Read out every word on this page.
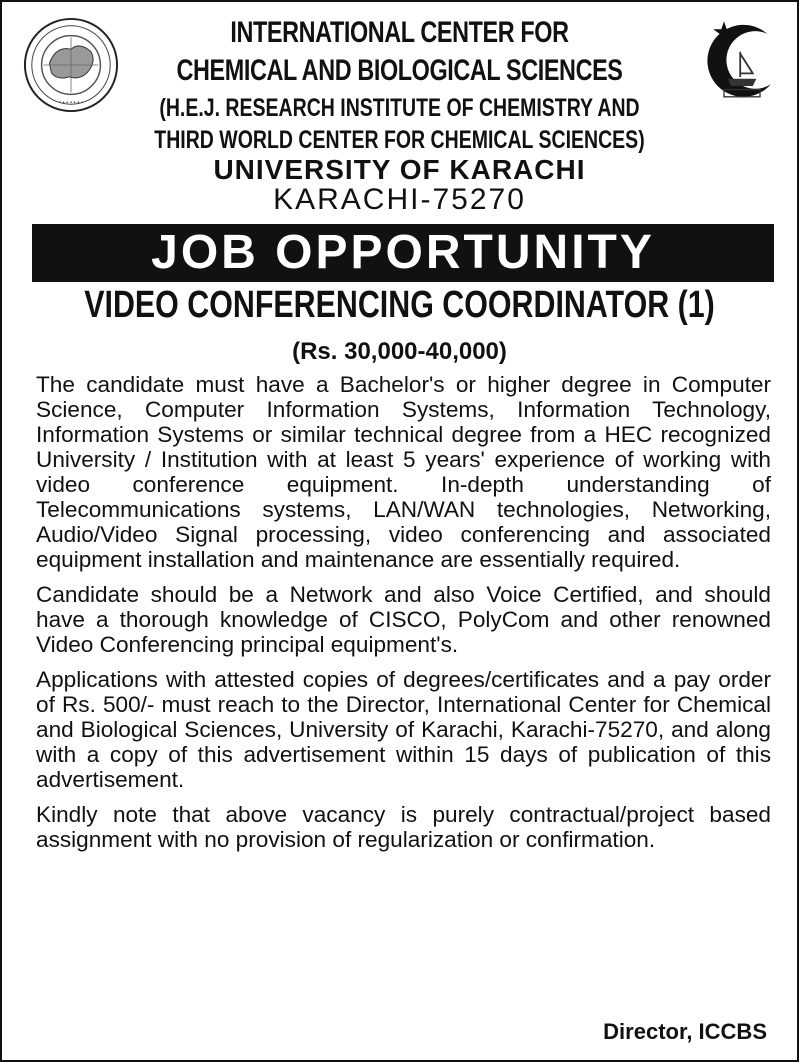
• • • • • • •
INTERNATIONAL CENTER FOR
CHEMICAL AND BIOLOGICAL SCIENCES
(H.E.J. RESEARCH INSTITUTE OF CHEMISTRY AND
THIRD WORLD CENTER FOR CHEMICAL SCIENCES)
UNIVERSITY OF KARACHI
KARACHI-75270
JOB OPPORTUNITY
VIDEO CONFERENCING COORDINATOR (1)
(Rs. 30,000-40,000)

The candidate must have a Bachelor's or higher degree in Computer Science, Computer Information Systems, Information Technology, Information Systems or similar technical degree from a HEC recognized University / Institution with at least 5 years' experience of working with video conference equipment. In-depth understanding of Telecommunications systems, LAN/WAN technologies, Networking, Audio/Video Signal processing, video conferencing and associated equipment installation and maintenance are essentially required.

Candidate should be a Network and also Voice Certified, and should have a thorough knowledge of CISCO, PolyCom and other renowned Video Conferencing principal equipment's.

Applications with attested copies of degrees/certificates and a pay order of Rs. 500/- must reach to the Director, International Center for Chemical and Biological Sciences, University of Karachi, Karachi-75270, and along with a copy of this advertisement within 15 days of publication of this advertisement.

Kindly note that above vacancy is purely contractual/project based assignment with no provision of regularization or confirmation.

Director, ICCBS
